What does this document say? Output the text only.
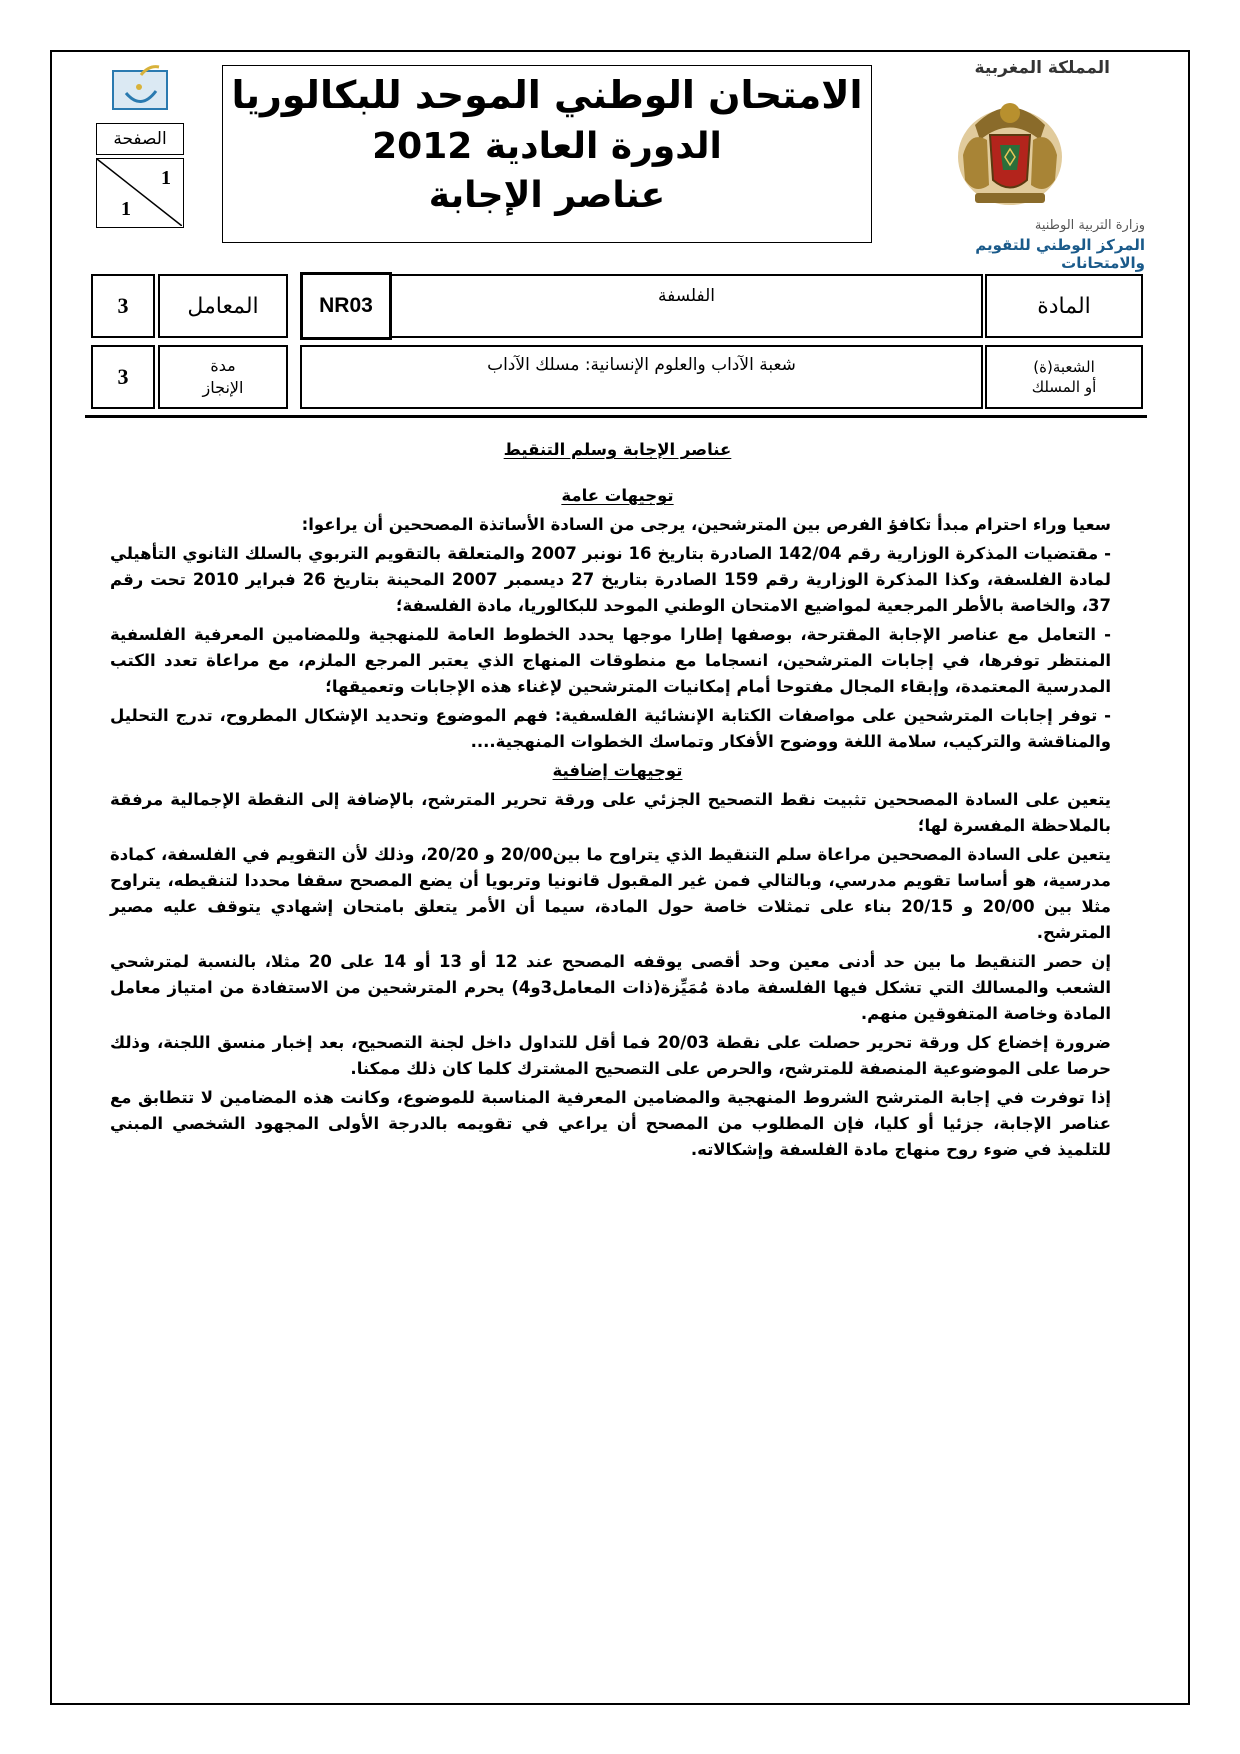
المملكة المغربية
وزارة التربية الوطنية
المركز الوطني للتقويم والامتحانات
الامتحان الوطني الموحد للبكالوريا
الدورة العادية 2012
عناصر الإجابة
الصفحة
1
1
المادة
الفلسفة
NR03
المعامل
3
الشعبة(ة)
أو المسلك
شعبة الآداب والعلوم الإنسانية: مسلك الآداب
مدة
الإنجاز
3

عناصر الإجابة وسلم التنقيط

توجيهات عامة

سعيا وراء احترام مبدأ تكافؤ الفرص بين المترشحين، يرجى من السادة الأساتذة المصححين أن يراعوا:

- مقتضيات المذكرة الوزارية رقم 142/04 الصادرة بتاريخ 16 نونبر 2007 والمتعلقة بالتقويم التربوي بالسلك الثانوي التأهيلي لمادة الفلسفة، وكذا المذكرة الوزارية رقم 159 الصادرة بتاريخ 27 ديسمبر 2007 المحينة بتاريخ 26 فبراير 2010 تحت رقم 37، والخاصة بالأطر المرجعية لمواضيع الامتحان الوطني الموحد للبكالوريا، مادة الفلسفة؛

- التعامل مع عناصر الإجابة المقترحة، بوصفها إطارا موجها يحدد الخطوط العامة للمنهجية وللمضامين المعرفية الفلسفية المنتظر توفرها، في إجابات المترشحين، انسجاما مع منطوقات المنهاج الذي يعتبر المرجع الملزم، مع مراعاة تعدد الكتب المدرسية المعتمدة، وإبقاء المجال مفتوحا أمام إمكانيات المترشحين لإغناء هذه الإجابات وتعميقها؛

- توفر إجابات المترشحين على مواصفات الكتابة الإنشائية الفلسفية: فهم الموضوع وتحديد الإشكال المطروح، تدرج التحليل والمناقشة والتركيب، سلامة اللغة ووضوح الأفكار وتماسك الخطوات المنهجية....

توجيهات إضافية

يتعين على السادة المصححين تثبيت نقط التصحيح الجزئي على ورقة تحرير المترشح، بالإضافة إلى النقطة الإجمالية مرفقة بالملاحظة المفسرة لها؛

يتعين على السادة المصححين مراعاة سلم التنقيط الذي يتراوح ما بين20/00 و 20/20، وذلك لأن التقويم في الفلسفة، كمادة مدرسية، هو أساسا تقويم مدرسي، وبالتالي فمن غير المقبول قانونيا وتربويا أن يضع المصحح سقفا محددا لتنقيطه، يتراوح مثلا بين 20/00 و 20/15 بناء على تمثلات خاصة حول المادة، سيما أن الأمر يتعلق بامتحان إشهادي يتوقف عليه مصير المترشح.

إن حصر التنقيط ما بين حد أدنى معين وحد أقصى يوقفه المصحح عند 12 أو 13 أو 14 على 20 مثلا، بالنسبة لمترشحي الشعب والمسالك التي تشكل فيها الفلسفة مادة مُمَيِّزة(ذات المعامل3و4) يحرم المترشحين من الاستفادة من امتياز معامل المادة وخاصة المتفوقين منهم.

ضرورة إخضاع كل ورقة تحرير حصلت على نقطة 20/03 فما أقل للتداول داخل لجنة التصحيح، بعد إخبار منسق اللجنة، وذلك حرصا على الموضوعية المنصفة للمترشح، والحرص على التصحيح المشترك كلما كان ذلك ممكنا.

إذا توفرت في إجابة المترشح الشروط المنهجية والمضامين المعرفية المناسبة للموضوع، وكانت هذه المضامين لا تتطابق مع عناصر الإجابة، جزئيا أو كليا، فإن المطلوب من المصحح أن يراعي في تقويمه بالدرجة الأولى المجهود الشخصي المبني للتلميذ في ضوء روح منهاج مادة الفلسفة وإشكالاته.
